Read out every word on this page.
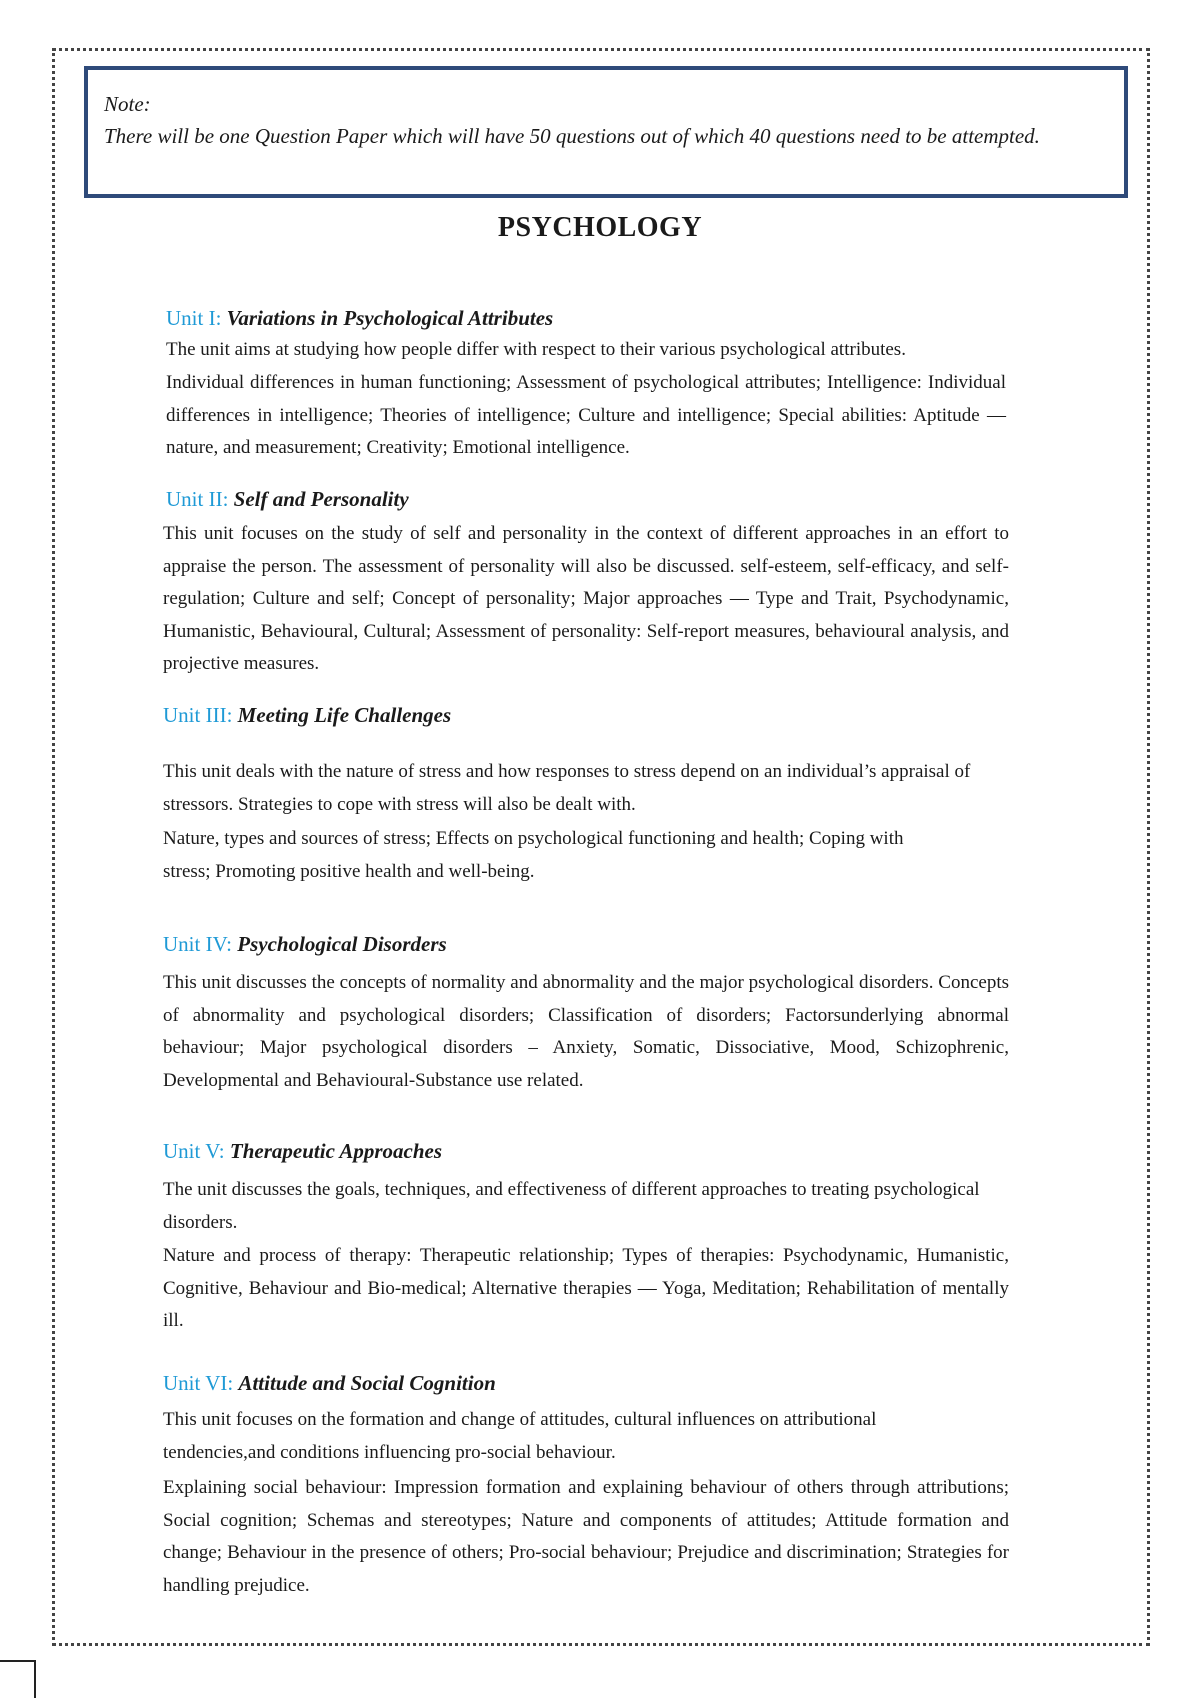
Note:
There will be one Question Paper which will have 50 questions out of which 40 questions need to be attempted.
PSYCHOLOGY
Unit I: Variations in Psychological Attributes

The unit aims at studying how people differ with respect to their various psychological attributes.

Individual differences in human functioning; Assessment of psychological attributes; Intelligence: Individual differences in intelligence; Theories of intelligence; Culture and intelligence; Special abilities: Aptitude — nature, and measurement; Creativity; Emotional intelligence.

Unit II: Self and Personality

This unit focuses on the study of self and personality in the context of different approaches in an effort to appraise the person. The assessment of personality will also be discussed. self-esteem, self-efficacy, and self-regulation; Culture and self; Concept of personality; Major approaches — Type and Trait, Psychodynamic, Humanistic, Behavioural, Cultural; Assessment of personality: Self-report measures, behavioural analysis, and projective measures.

Unit III: Meeting Life Challenges

This unit deals with the nature of stress and how responses to stress depend on an individual’s appraisal of stressors. Strategies to cope with stress will also be dealt with.

Nature, types and sources of stress; Effects on psychological functioning and health; Coping with stress; Promoting positive health and well-being.

Unit IV: Psychological Disorders

This unit discusses the concepts of normality and abnormality and the major psychological disorders. Concepts of abnormality and psychological disorders; Classification of disorders; Factorsunderlying abnormal behaviour; Major psychological disorders – Anxiety, Somatic, Dissociative, Mood, Schizophrenic, Developmental and Behavioural-Substance use related.

Unit V: Therapeutic Approaches

The unit discusses the goals, techniques, and effectiveness of different approaches to treating psychological disorders.

Nature and process of therapy: Therapeutic relationship; Types of therapies: Psychodynamic, Humanistic, Cognitive, Behaviour and Bio-medical; Alternative therapies — Yoga, Meditation; Rehabilitation of mentally ill.

Unit VI: Attitude and Social Cognition

This unit focuses on the formation and change of attitudes, cultural influences on attributional tendencies,and conditions influencing pro-social behaviour.

Explaining social behaviour: Impression formation and explaining behaviour of others through attributions; Social cognition; Schemas and stereotypes; Nature and components of attitudes; Attitude formation and change; Behaviour in the presence of others; Pro-social behaviour; Prejudice and discrimination; Strategies for handling prejudice.
